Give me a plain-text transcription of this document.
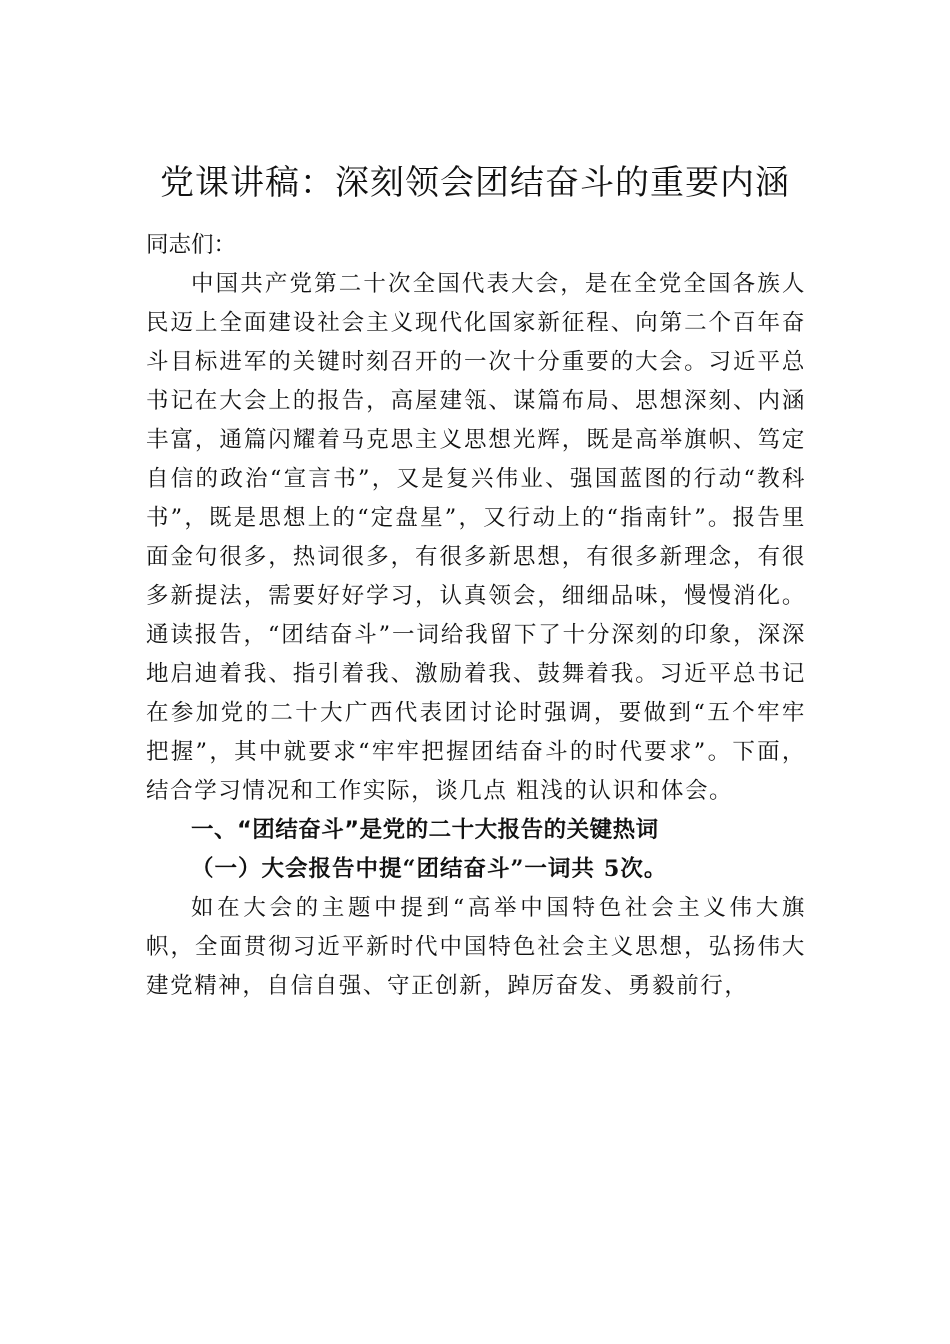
党课讲稿：深刻领会团结奋斗的重要内涵

同志们：

中国共产党第二十次全国代表大会，是在全党全国各族人民迈上全面建设社会主义现代化国家新征程、向第二个百年奋斗目标进军的关键时刻召开的一次十分重要的大会。习近平总书记在大会上的报告，高屋建瓴、谋篇布局、思想深刻、内涵丰富，通篇闪耀着马克思主义思想光辉，既是高举旗帜、笃定自信的政治“宣言书”，又是复兴伟业、强国蓝图的行动“教科书”，既是思想上的“定盘星”，又行动上的“指南针”。报告里面金句很多，热词很多，有很多新思想，有很多新理念，有很多新提法，需要好好学习，认真领会，细细品味，慢慢消化。通读报告，“团结奋斗”一词给我留下了十分深刻的印象，深深地启迪着我、指引着我、激励着我、鼓舞着我。习近平总书记在参加党的二十大广西代表团讨论时强调，要做到“五个牢牢把握”，其中就要求“牢牢把握团结奋斗的时代要求”。下面，结合学习情况和工作实际，谈几点 粗浅的认识和体会。

一、“团结奋斗”是党的二十大报告的关键热词

（一）大会报告中提“团结奋斗”一词共 5次。

如在大会的主题中提到“高举中国特色社会主义伟大旗帜，全面贯彻习近平新时代中国特色社会主义思想，弘扬伟大建党精神，自信自强、守正创新，踔厉奋发、勇毅前行，
